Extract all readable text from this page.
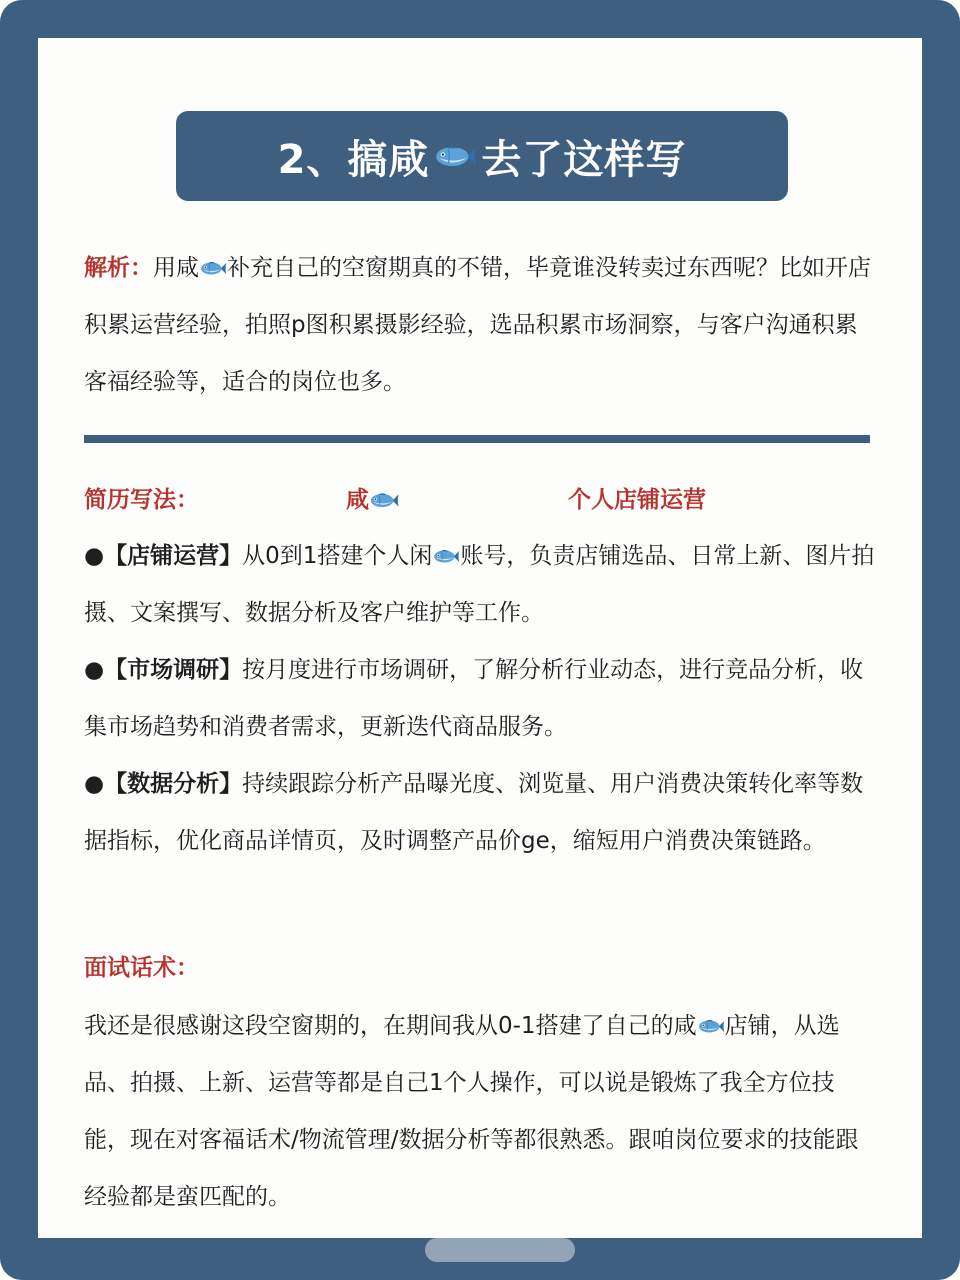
2、搞咸 去了这样写
解析：用咸 补充自己的空窗期真的不错，毕竟谁没转卖过东西呢？比如开店积累运营经验，拍照p图积累摄影经验，选品积累市场洞察，与客户沟通积累客福经验等，适合的岗位也多。
简历写法：	咸	个人店铺运营
●【店铺运营】从0到1搭建个人闲 账号，负责店铺选品、日常上新、图片拍摄、文案撰写、数据分析及客户维护等工作。
●【市场调研】按月度进行市场调研，了解分析行业动态，进行竞品分析，收集市场趋势和消费者需求，更新迭代商品服务。
●【数据分析】持续跟踪分析产品曝光度、浏览量、用户消费决策转化率等数据指标，优化商品详情页，及时调整产品价ge，缩短用户消费决策链路。
面试话术：
我还是很感谢这段空窗期的，在期间我从0-1搭建了自己的咸 店铺，从选品、拍摄、上新、运营等都是自己1个人操作，可以说是锻炼了我全方位技能，现在对客福话术/物流管理/数据分析等都很熟悉。跟咱岗位要求的技能跟经验都是蛮匹配的。
